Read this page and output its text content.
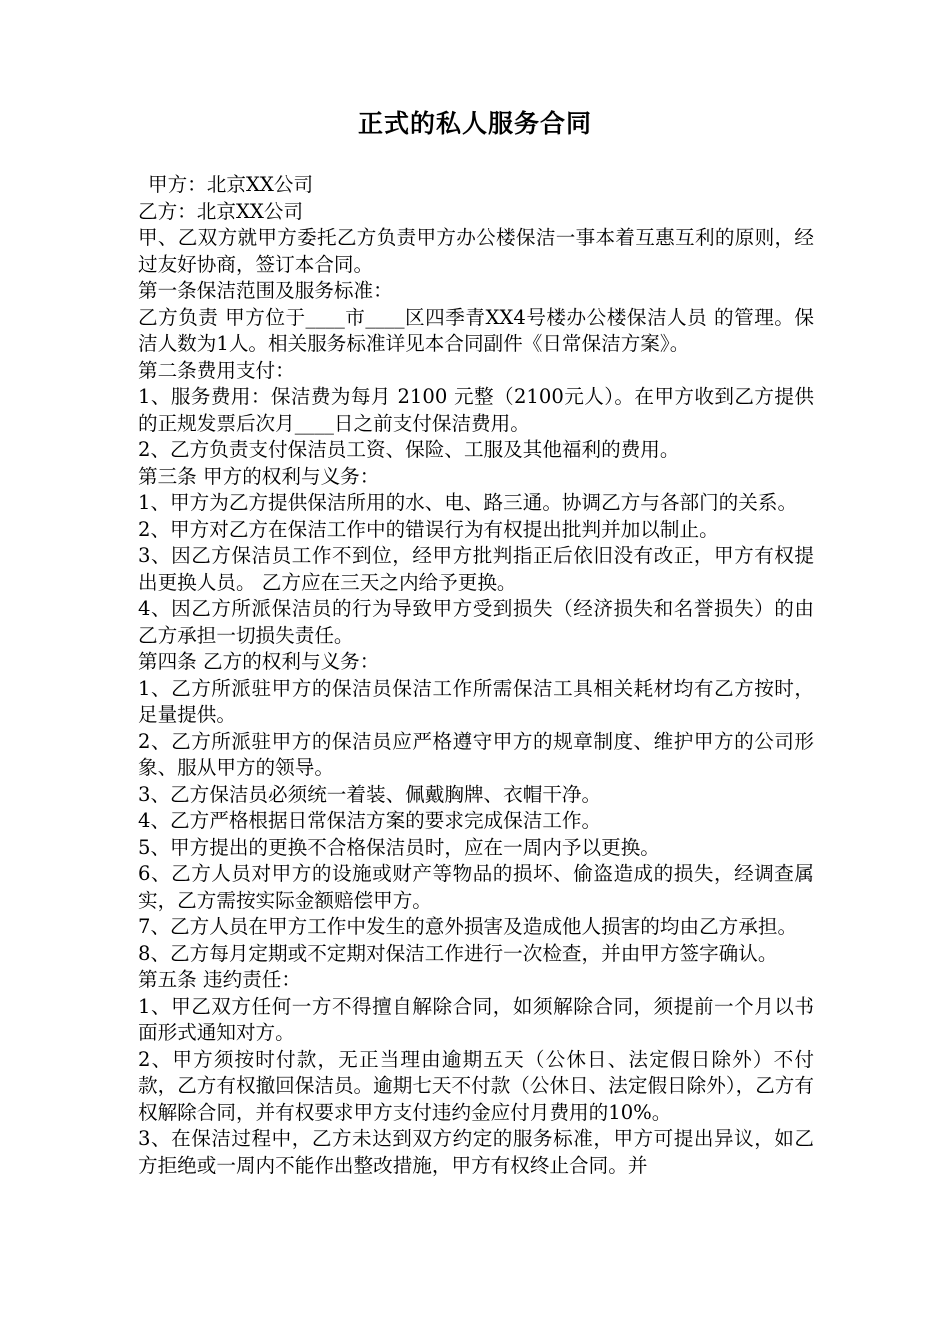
正式的私人服务合同

甲方：北京XX公司

乙方：北京XX公司

甲、乙双方就甲方委托乙方负责甲方办公楼保洁一事本着互惠互利的原则，经过友好协商，签订本合同。

第一条保洁范围及服务标准：

乙方负责 甲方位于____市____区四季青XX4号楼办公楼保洁人员 的管理。保洁人数为1人。相关服务标准详见本合同副件《日常保洁方案》。

第二条费用支付：

1、服务费用：保洁费为每月 2100 元整（2100元人）。在甲方收到乙方提供的正规发票后次月____日之前支付保洁费用。

2、乙方负责支付保洁员工资、保险、工服及其他福利的费用。

第三条 甲方的权利与义务：

1、甲方为乙方提供保洁所用的水、电、路三通。协调乙方与各部门的关系。

2、甲方对乙方在保洁工作中的错误行为有权提出批判并加以制止。

3、因乙方保洁员工作不到位，经甲方批判指正后依旧没有改正，甲方有权提出更换人员。 乙方应在三天之内给予更换。

4、因乙方所派保洁员的行为导致甲方受到损失（经济损失和名誉损失）的由乙方承担一切损失责任。

第四条 乙方的权利与义务：

1、乙方所派驻甲方的保洁员保洁工作所需保洁工具相关耗材均有乙方按时，足量提供。

2、乙方所派驻甲方的保洁员应严格遵守甲方的规章制度、维护甲方的公司形象、服从甲方的领导。

3、乙方保洁员必须统一着装、佩戴胸牌、衣帽干净。

4、乙方严格根据日常保洁方案的要求完成保洁工作。

5、甲方提出的更换不合格保洁员时，应在一周内予以更换。

6、乙方人员对甲方的设施或财产等物品的损坏、偷盗造成的损失，经调查属实，乙方需按实际金额赔偿甲方。

7、乙方人员在甲方工作中发生的意外损害及造成他人损害的均由乙方承担。

8、乙方每月定期或不定期对保洁工作进行一次检查，并由甲方签字确认。

第五条 违约责任：

1、甲乙双方任何一方不得擅自解除合同，如须解除合同，须提前一个月以书面形式通知对方。

2、甲方须按时付款，无正当理由逾期五天（公休日、法定假日除外）不付款，乙方有权撤回保洁员。逾期七天不付款（公休日、法定假日除外），乙方有权解除合同，并有权要求甲方支付违约金应付月费用的10%。

3、在保洁过程中，乙方未达到双方约定的服务标准，甲方可提出异议，如乙方拒绝或一周内不能作出整改措施，甲方有权终止合同。并
